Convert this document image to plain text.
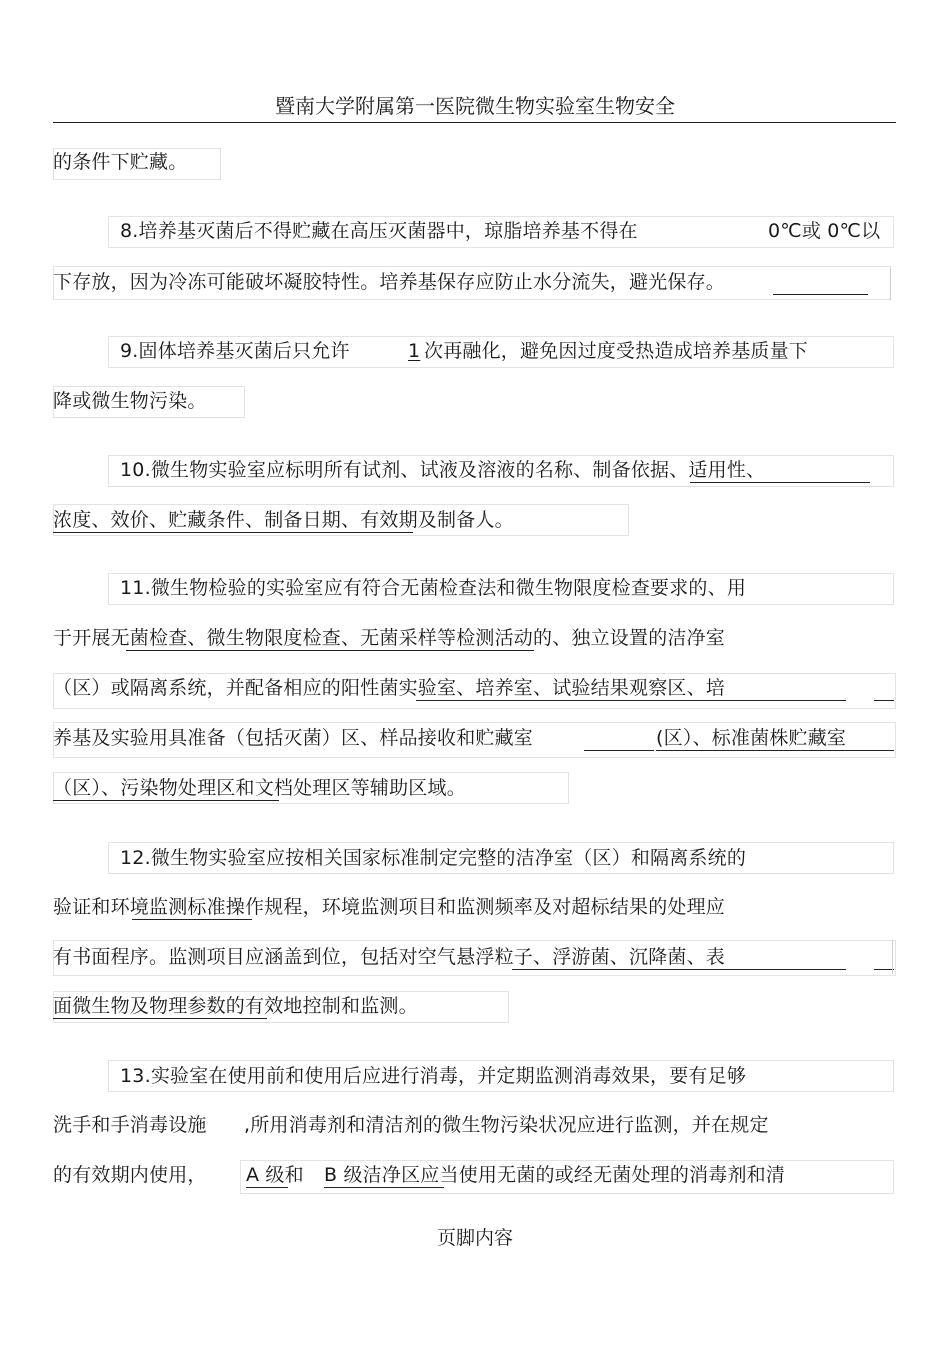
暨南大学附属第一医院微生物实验室生物安全
的条件下贮藏。
8.培养基灭菌后不得贮藏在高压灭菌器中，琼脂培养基不得在	0℃或 0℃以
下存放，因为冷冻可能破坏凝胶特性。培养基保存应防止水分流失，避光保存。
9.固体培养基灭菌后只允许	1 次再融化，避免因过度受热造成培养基质量下
降或微生物污染。
10.微生物实验室应标明所有试剂、试液及溶液的名称、制备依据、适用性、
浓度、效价、贮藏条件、制备日期、有效期及制备人。
11.微生物检验的实验室应有符合无菌检查法和微生物限度检查要求的、用
于开展无菌检查、微生物限度检查、无菌采样等检测活动的、独立设置的洁净室
（区）或隔离系统，并配备相应的阳性菌实验室、培养室、试验结果观察区、培
养基及实验用具准备（包括灭菌）区、样品接收和贮藏室	(区）、标准菌株贮藏室
（区）、污染物处理区和文档处理区等辅助区域。
12.微生物实验室应按相关国家标准制定完整的洁净室（区）和隔离系统的
验证和环境监测标准操作规程，环境监测项目和监测频率及对超标结果的处理应
有书面程序。监测项目应涵盖到位，包括对空气悬浮粒子、浮游菌、沉降菌、表
面微生物及物理参数的有效地控制和监测。
13.实验室在使用前和使用后应进行消毒，并定期监测消毒效果，要有足够
洗手和手消毒设施 ,所用消毒剂和清洁剂的微生物污染状况应进行监测，并在规定
的有效期内使用， A 级和 B 级洁净区应当使用无菌的或经无菌处理的消毒剂和清
页脚内容
